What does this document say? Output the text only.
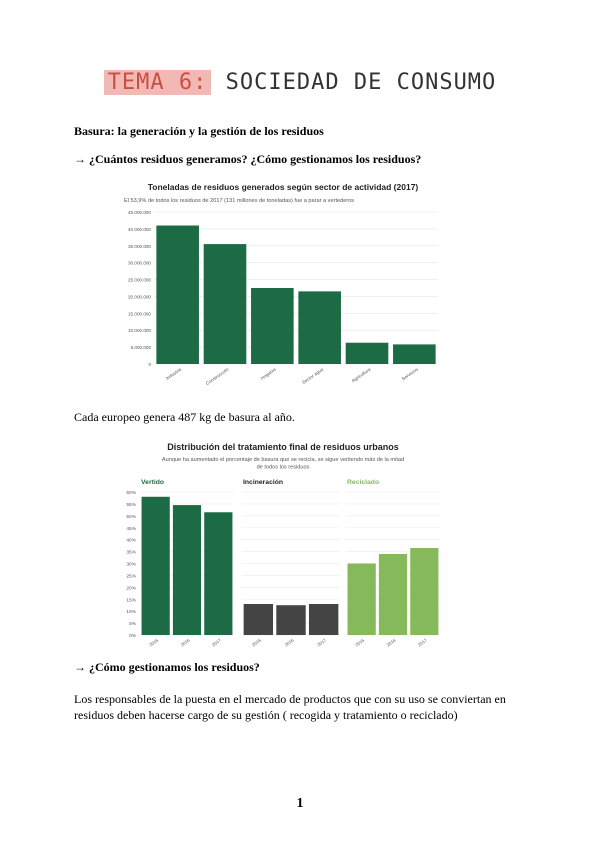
TEMA 6: SOCIEDAD DE CONSUMO
Basura: la generación y la gestión de los residuos
→ ¿Cuántos residuos generamos? ¿Cómo gestionamos los residuos?
Toneladas de residuos generados según sector de actividad (2017)
El 53,9% de todos los residuos de 2017 (131 millones de toneladas) fue a parar a vertederos
0
5.000.000
10.000.000
15.000.000
20.000.000
25.000.000
30.000.000
35.000.000
40.000.000
45.000.000
Industria	Construcción	Hogares	Sector agua	Agricultura	Servicios
Cada europeo genera 487 kg de basura al año.
Distribución del tratamiento final de residuos urbanos
Aunque ha aumentado el porcentaje de basura que se recicla, se sigue vertiendo más de la mitad
de todos los residuos
0%
5%
10%
15%
20%
25%
30%
35%
40%
45%
50%
55%
60%
Vertido
2015	2016	2017
Incineración
2015	2016	2017
Reciclado
2015	2016	2017
→ ¿Cómo gestionamos los residuos?
Los responsables de la puesta en el mercado de productos que con su uso se conviertan en residuos deben hacerse cargo de su gestión ( recogida y tratamiento o reciclado)
1
